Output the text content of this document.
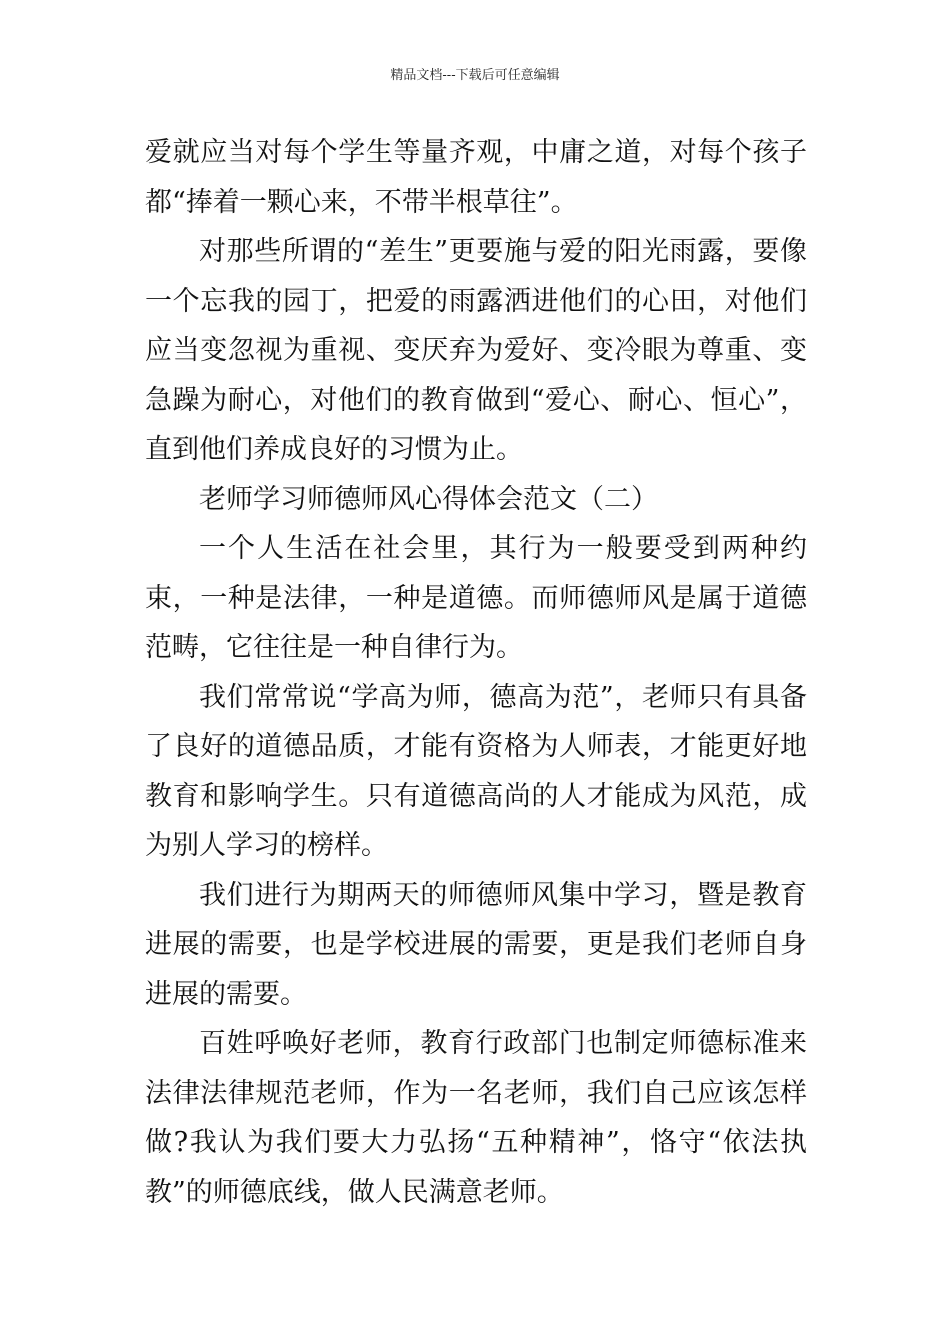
精品文档---下载后可任意编辑

爱就应当对每个学生等量齐观，中庸之道，对每个孩子都“捧着一颗心来，不带半根草往”。

对那些所谓的“差生”更要施与爱的阳光雨露，要像一个忘我的园丁，把爱的雨露洒进他们的心田，对他们应当变忽视为重视、变厌弃为爱好、变冷眼为尊重、变急躁为耐心，对他们的教育做到“爱心、耐心、恒心”，直到他们养成良好的习惯为止。

老师学习师德师风心得体会范文（二）

一个人生活在社会里，其行为一般要受到两种约束，一种是法律，一种是道德。而师德师风是属于道德范畴，它往往是一种自律行为。

我们常常说“学高为师，德高为范”，老师只有具备了良好的道德品质，才能有资格为人师表，才能更好地教育和影响学生。只有道德高尚的人才能成为风范，成为别人学习的榜样。

我们进行为期两天的师德师风集中学习，暨是教育进展的需要，也是学校进展的需要，更是我们老师自身进展的需要。

百姓呼唤好老师，教育行政部门也制定师德标准来法律法律规范老师，作为一名老师，我们自己应该怎样做?我认为我们要大力弘扬“五种精神”，恪守“依法执教”的师德底线，做人民满意老师。
